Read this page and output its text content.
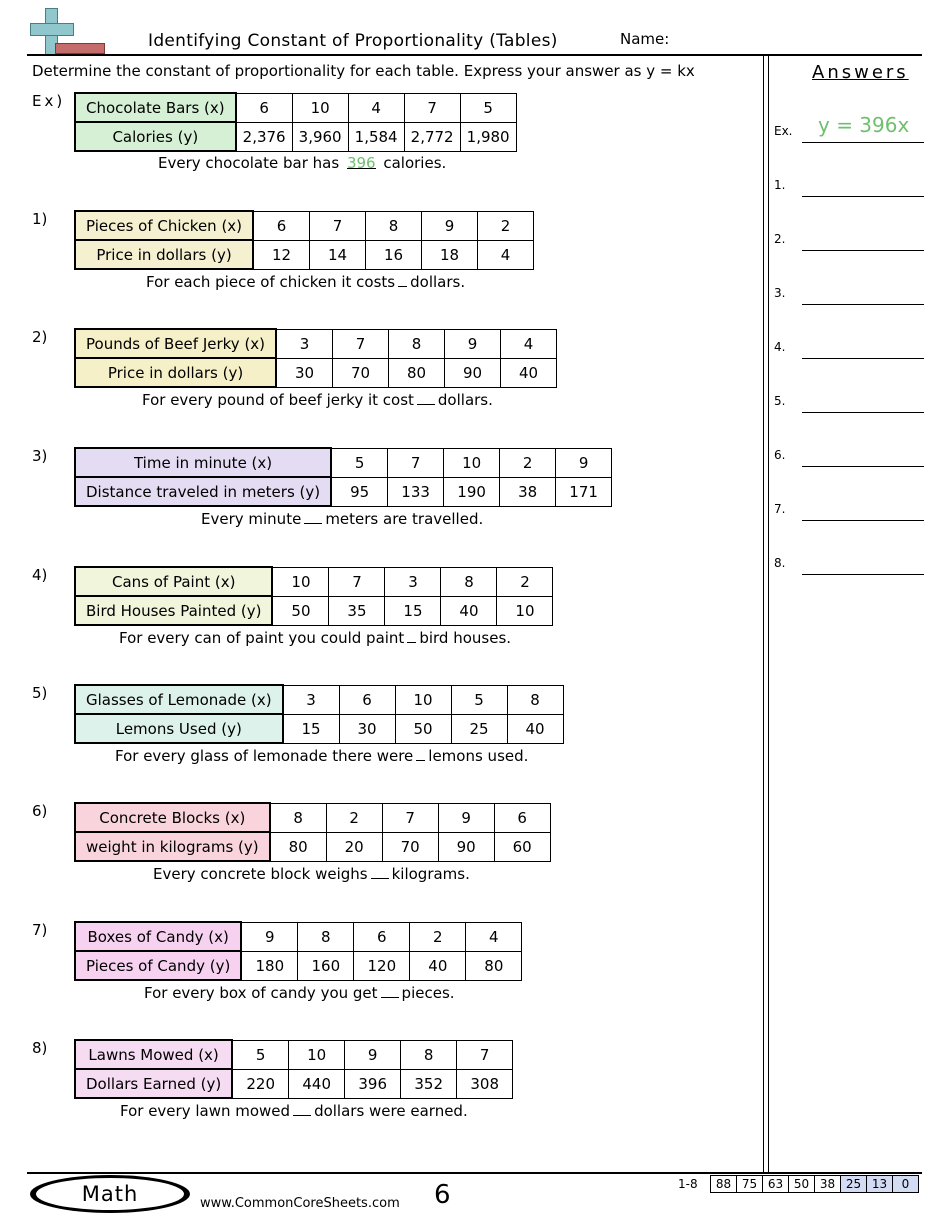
Identifying Constant of Proportionality (Tables)	Name:
Determine the constant of proportionality for each table. Express your answer as y = kx
Ex) Chocolate Bars (x)	6	10	4	7	5
Calories (y)	2,376	3,960	1,584	2,772	1,980
Every chocolate bar has 396 calories.
1)	Pieces of Chicken (x)	6	7	8	9	2
Price in dollars (y)	12	14	16	18	4
For each piece of chicken it costs dollars.
2)	Pounds of Beef Jerky (x)	3	7	8	9	4
Price in dollars (y)	30	70	80	90	40
For every pound of beef jerky it cost dollars.
3)	Time in minute (x)	5	7	10	2	9
Distance traveled in meters (y)	95	133	190	38	171
Every minute meters are travelled.
4)	Cans of Paint (x)	10	7	3	8	2
Bird Houses Painted (y)	50	35	15	40	10
For every can of paint you could paint bird houses.
5)	Glasses of Lemonade (x)	3	6	10	5	8
Lemons Used (y)	15	30	50	25	40
For every glass of lemonade there were lemons used.
6)	Concrete Blocks (x)	8	2	7	9	6
weight in kilograms (y)	80	20	70	90	60
Every concrete block weighs kilograms.
7)	Boxes of Candy (x)	9	8	6	2	4
Pieces of Candy (y)	180	160	120	40	80
For every box of candy you get pieces.
8)	Lawns Mowed (x)	5	10	9	8	7
Dollars Earned (y)	220	440	396	352	308
For every lawn mowed dollars were earned.
Answers
Ex. y = 396x
1.
2.
3.
4.
5.
6.
7.
8.
Math	www.CommonCoreSheets.com 6	1-8 88	75	63	50	38	25	13	0
